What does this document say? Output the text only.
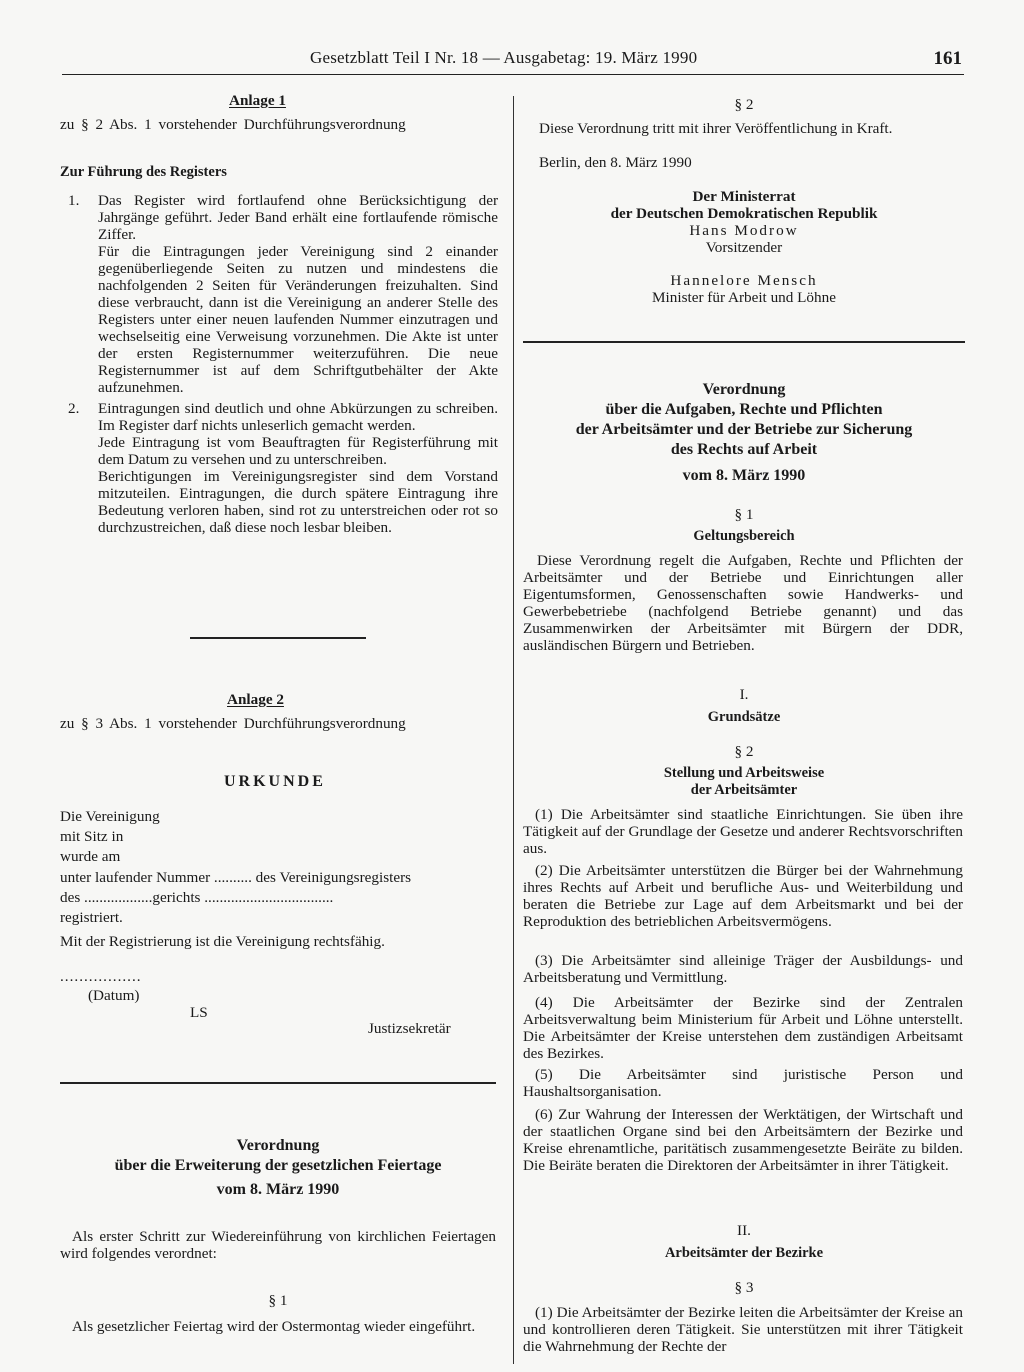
Gesetzblatt Teil I Nr. 18 — Ausgabetag: 19. März 1990	161
Anlage 1
zu § 2 Abs. 1 vorstehender Durchführungsverordnung
Zur Führung des Registers
1. Das Register wird fortlaufend ohne Berücksichtigung der Jahrgänge geführt. Jeder Band erhält eine fortlaufende römische Ziffer.

Für die Eintragungen jeder Vereinigung sind 2 einander gegenüberliegende Seiten zu nutzen und mindestens die nachfolgenden 2 Seiten für Veränderungen freizuhalten. Sind diese verbraucht, dann ist die Vereinigung an anderer Stelle des Registers unter einer neuen laufenden Nummer einzutragen und wechselseitig eine Verweisung vorzunehmen. Die Akte ist unter der ersten Registernummer weiterzuführen. Die neue Registernummer ist auf dem Schriftgutbehälter der Akte aufzunehmen.

2. Eintragungen sind deutlich und ohne Abkürzungen zu schreiben. Im Register darf nichts unleserlich gemacht werden.

Jede Eintragung ist vom Beauftragten für Registerführung mit dem Datum zu versehen und zu unterschreiben.

Berichtigungen im Vereinigungsregister sind dem Vorstand mitzuteilen. Eintragungen, die durch spätere Eintragung ihre Bedeutung verloren haben, sind rot zu unterstreichen oder rot so durchzustreichen, daß diese noch lesbar bleiben.

Anlage 2
zu § 3 Abs. 1 vorstehender Durchführungsverordnung
URKUNDE
Die Vereinigung
mit Sitz in
wurde am
unter laufender Nummer .......... des Vereinigungsregisters
des ..................gerichts ..................................
registriert.
Mit der Registrierung ist die Vereinigung rechtsfähig.
.................
(Datum)
LS
Justizsekretär
Verordnung
über die Erweiterung der gesetzlichen Feiertage
vom 8. März 1990
Als erster Schritt zur Wiedereinführung von kirchlichen Feiertagen wird folgendes verordnet:
§ 1
Als gesetzlicher Feiertag wird der Ostermontag wieder eingeführt.
§ 2
Diese Verordnung tritt mit ihrer Veröffentlichung in Kraft.
Berlin, den 8. März 1990
Der Ministerrat
der Deutschen Demokratischen Republik
Hans Modrow
Vorsitzender
Hannelore Mensch
Minister für Arbeit und Löhne
Verordnung
über die Aufgaben, Rechte und Pflichten
der Arbeitsämter und der Betriebe zur Sicherung
des Rechts auf Arbeit
vom 8. März 1990
§ 1
Geltungsbereich
Diese Verordnung regelt die Aufgaben, Rechte und Pflichten der Arbeitsämter und der Betriebe und Einrichtungen aller Eigentumsformen, Genossenschaften sowie Handwerks- und Gewerbebetriebe (nachfolgend Betriebe genannt) und das Zusammenwirken der Arbeitsämter mit Bürgern der DDR, ausländischen Bürgern und Betrieben.
I.
Grundsätze
§ 2
Stellung und Arbeitsweise
der Arbeitsämter
(1) Die Arbeitsämter sind staatliche Einrichtungen. Sie üben ihre Tätigkeit auf der Grundlage der Gesetze und anderer Rechtsvorschriften aus.
(2) Die Arbeitsämter unterstützen die Bürger bei der Wahrnehmung ihres Rechts auf Arbeit und berufliche Aus- und Weiterbildung und beraten die Betriebe zur Lage auf dem Arbeitsmarkt und bei der Reproduktion des betrieblichen Arbeitsvermögens.
(3) Die Arbeitsämter sind alleinige Träger der Ausbildungs- und Arbeitsberatung und Vermittlung.
(4) Die Arbeitsämter der Bezirke sind der Zentralen Arbeitsverwaltung beim Ministerium für Arbeit und Löhne unterstellt. Die Arbeitsämter der Kreise unterstehen dem zuständigen Arbeitsamt des Bezirkes.
(5) Die Arbeitsämter sind juristische Person und Haushaltsorganisation.
(6) Zur Wahrung der Interessen der Werktätigen, der Wirtschaft und der staatlichen Organe sind bei den Arbeitsämtern der Bezirke und Kreise ehrenamtliche, paritätisch zusammengesetzte Beiräte zu bilden. Die Beiräte beraten die Direktoren der Arbeitsämter in ihrer Tätigkeit.
II.
Arbeitsämter der Bezirke
§ 3
(1) Die Arbeitsämter der Bezirke leiten die Arbeitsämter der Kreise an und kontrollieren deren Tätigkeit. Sie unterstützen mit ihrer Tätigkeit die Wahrnehmung der Rechte der
